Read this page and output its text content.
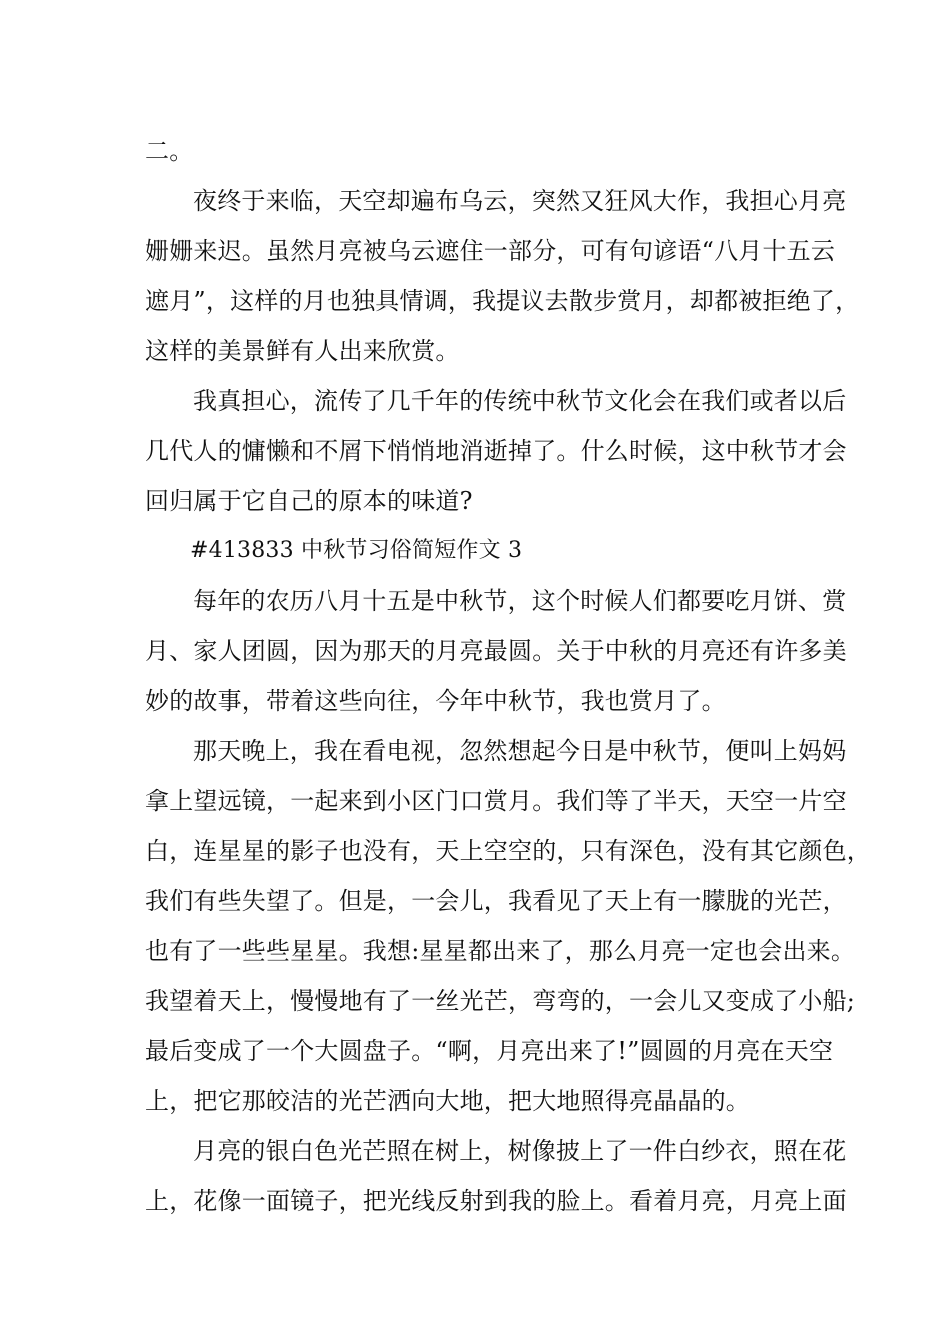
二。
夜终于来临，天空却遍布乌云，突然又狂风大作，我担心月亮
姗姗来迟。虽然月亮被乌云遮住一部分，可有句谚语“八月十五云
遮月”，这样的月也独具情调，我提议去散步赏月，却都被拒绝了，
这样的美景鲜有人出来欣赏。
我真担心，流传了几千年的传统中秋节文化会在我们或者以后
几代人的慵懒和不屑下悄悄地消逝掉了。什么时候，这中秋节才会
回归属于它自己的原本的味道?
#413833 中秋节习俗简短作文 3
每年的农历八月十五是中秋节，这个时候人们都要吃月饼、赏
月、家人团圆，因为那天的月亮最圆。关于中秋的月亮还有许多美
妙的故事，带着这些向往，今年中秋节，我也赏月了。
那天晚上，我在看电视，忽然想起今日是中秋节，便叫上妈妈
拿上望远镜，一起来到小区门口赏月。我们等了半天，天空一片空
白，连星星的影子也没有，天上空空的，只有深色，没有其它颜色，
我们有些失望了。但是，一会儿，我看见了天上有一朦胧的光芒，
也有了一些些星星。我想:星星都出来了，那么月亮一定也会出来。
我望着天上，慢慢地有了一丝光芒，弯弯的，一会儿又变成了小船;
最后变成了一个大圆盘子。“啊，月亮出来了!”圆圆的月亮在天空
上，把它那皎洁的光芒洒向大地，把大地照得亮晶晶的。
月亮的银白色光芒照在树上，树像披上了一件白纱衣，照在花
上，花像一面镜子，把光线反射到我的脸上。看着月亮，月亮上面
